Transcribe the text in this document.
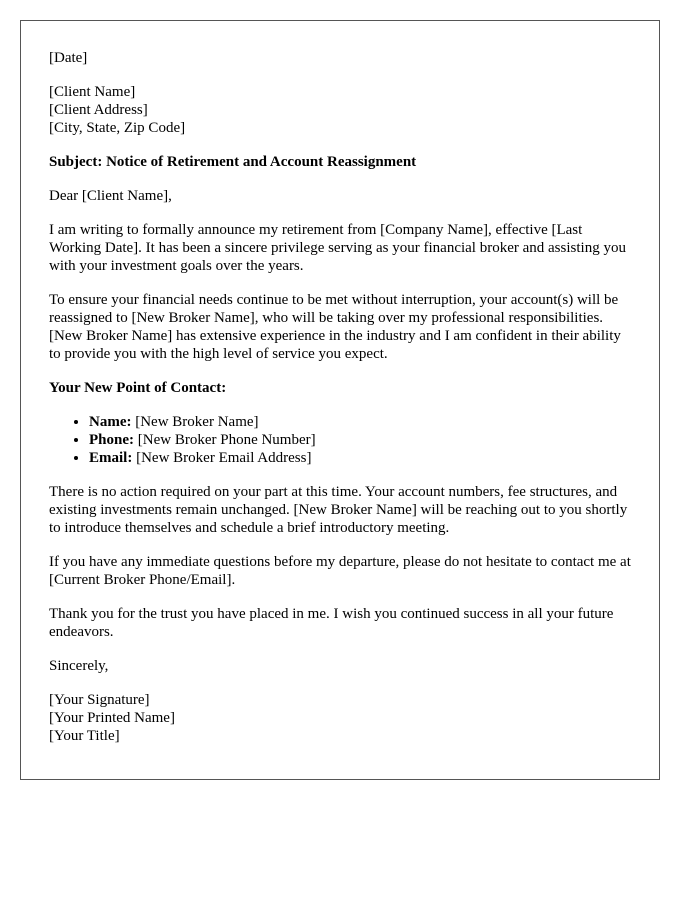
[Date]

[Client Name]
[Client Address]
[City, State, Zip Code]

Subject: Notice of Retirement and Account Reassignment

Dear [Client Name],

I am writing to formally announce my retirement from [Company Name], effective [Last Working Date]. It has been a sincere privilege serving as your financial broker and assisting you with your investment goals over the years.

To ensure your financial needs continue to be met without interruption, your account(s) will be reassigned to [New Broker Name], who will be taking over my professional responsibilities. [New Broker Name] has extensive experience in the industry and I am confident in their ability to provide you with the high level of service you expect.

Your New Point of Contact:

• Name: [New Broker Name]
• Phone: [New Broker Phone Number]
• Email: [New Broker Email Address]

There is no action required on your part at this time. Your account numbers, fee structures, and existing investments remain unchanged. [New Broker Name] will be reaching out to you shortly to introduce themselves and schedule a brief introductory meeting.

If you have any immediate questions before my departure, please do not hesitate to contact me at [Current Broker Phone/Email].

Thank you for the trust you have placed in me. I wish you continued success in all your future endeavors.

Sincerely,

[Your Signature]
[Your Printed Name]
[Your Title]
